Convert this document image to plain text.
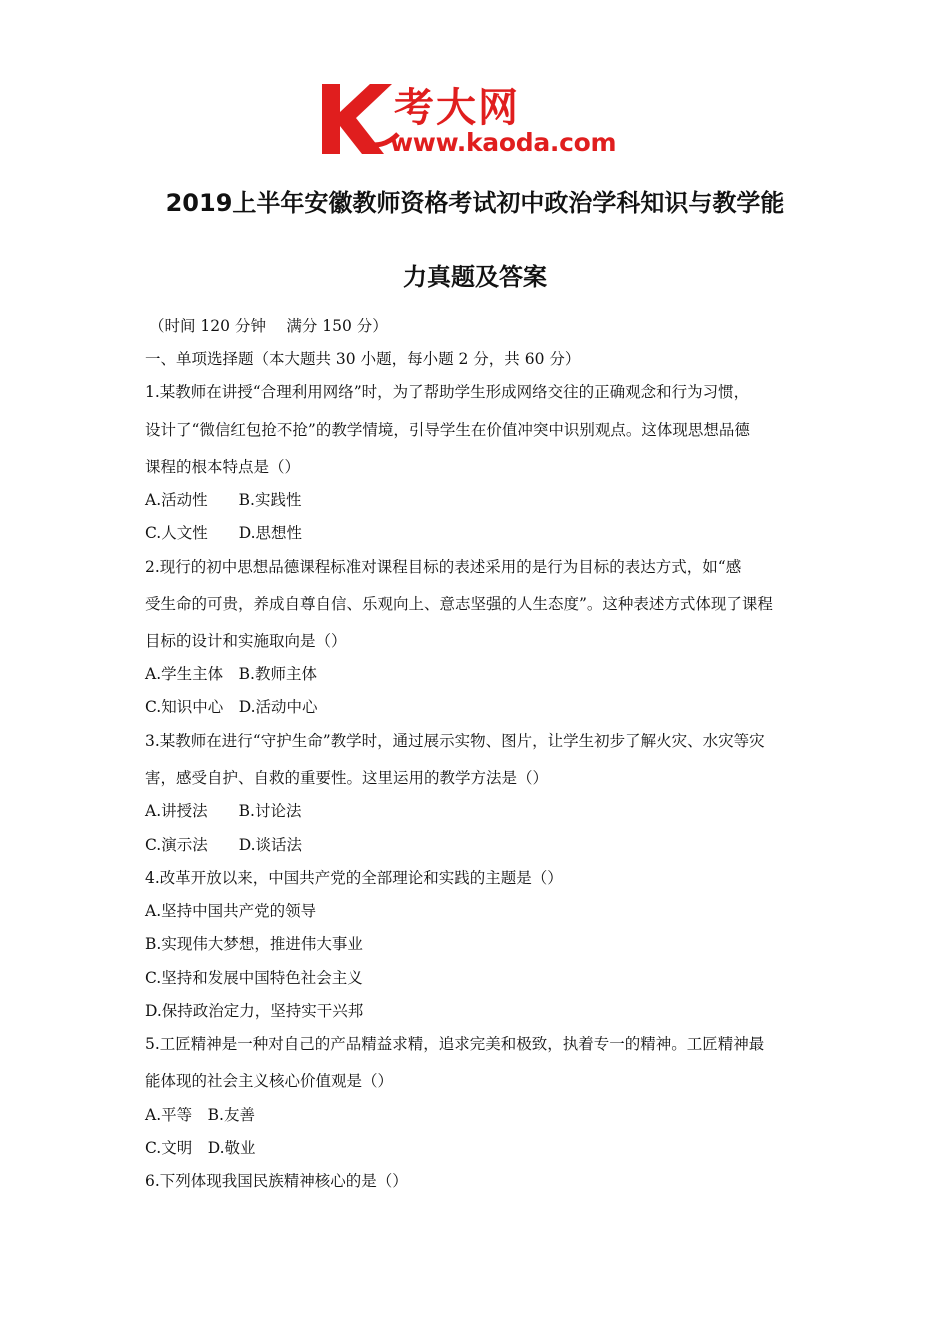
考大网
www.kaoda.com
2019上半年安徽教师资格考试初中政治学科知识与教学能
力真题及答案
（时间 120 分钟　 满分 150 分）
一、单项选择题（本大题共 30 小题，每小题 2 分，共 60 分）
1.某教师在讲授“合理利用网络”时，为了帮助学生形成网络交往的正确观念和行为习惯，
设计了“微信红包抢不抢”的教学情境，引导学生在价值冲突中识别观点。这体现思想品德
课程的根本特点是（）
A.活动性　　B.实践性
C.人文性　　D.思想性
2.现行的初中思想品德课程标准对课程目标的表述采用的是行为目标的表达方式，如“感
受生命的可贵，养成自尊自信、乐观向上、意志坚强的人生态度”。这种表述方式体现了课程
目标的设计和实施取向是（）
A.学生主体　B.教师主体
C.知识中心　D.活动中心
3.某教师在进行“守护生命”教学时，通过展示实物、图片，让学生初步了解火灾、水灾等灾
害，感受自护、自救的重要性。这里运用的教学方法是（）
A.讲授法　　B.讨论法
C.演示法　　D.谈话法
4.改革开放以来，中国共产党的全部理论和实践的主题是（）
A.坚持中国共产党的领导
B.实现伟大梦想，推进伟大事业
C.坚持和发展中国特色社会主义
D.保持政治定力，坚持实干兴邦
5.工匠精神是一种对自己的产品精益求精，追求完美和极致，执着专一的精神。工匠精神最
能体现的社会主义核心价值观是（）
A.平等　B.友善
C.文明　D.敬业
6.下列体现我国民族精神核心的是（）
